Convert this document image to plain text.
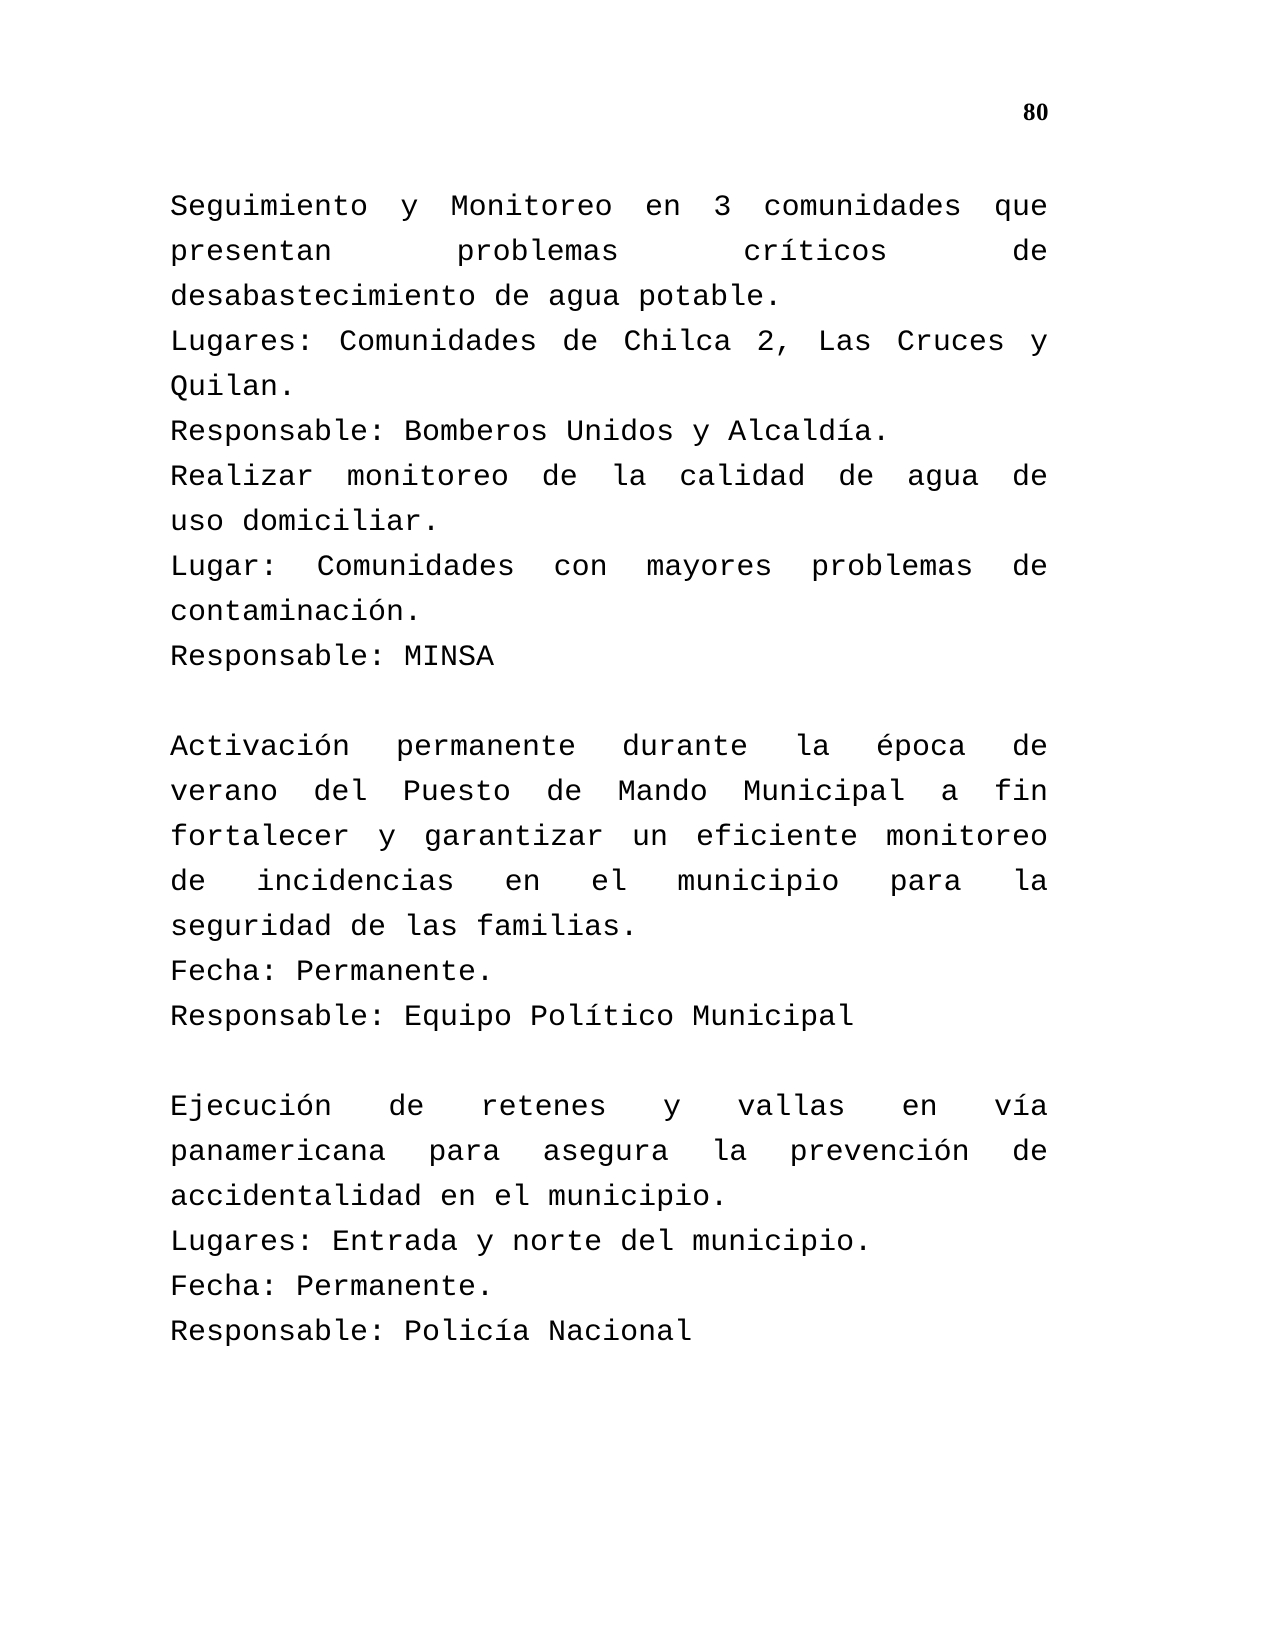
80
Seguimiento y Monitoreo en 3 comunidades que
presentan problemas críticos de
desabastecimiento de agua potable.
Lugares: Comunidades de Chilca 2, Las Cruces y
Quilan.
Responsable: Bomberos Unidos y Alcaldía.
Realizar monitoreo de la calidad de agua de
uso domiciliar.
Lugar: Comunidades con mayores problemas de
contaminación.
Responsable: MINSA
Activación permanente durante la época de
verano del Puesto de Mando Municipal a fin
fortalecer y garantizar un eficiente monitoreo
de incidencias en el municipio para la
seguridad de las familias.
Fecha: Permanente.
Responsable: Equipo Político Municipal
Ejecución de retenes y vallas en vía
panamericana para asegura la prevención de
accidentalidad en el municipio.
Lugares: Entrada y norte del municipio.
Fecha: Permanente.
Responsable: Policía Nacional
